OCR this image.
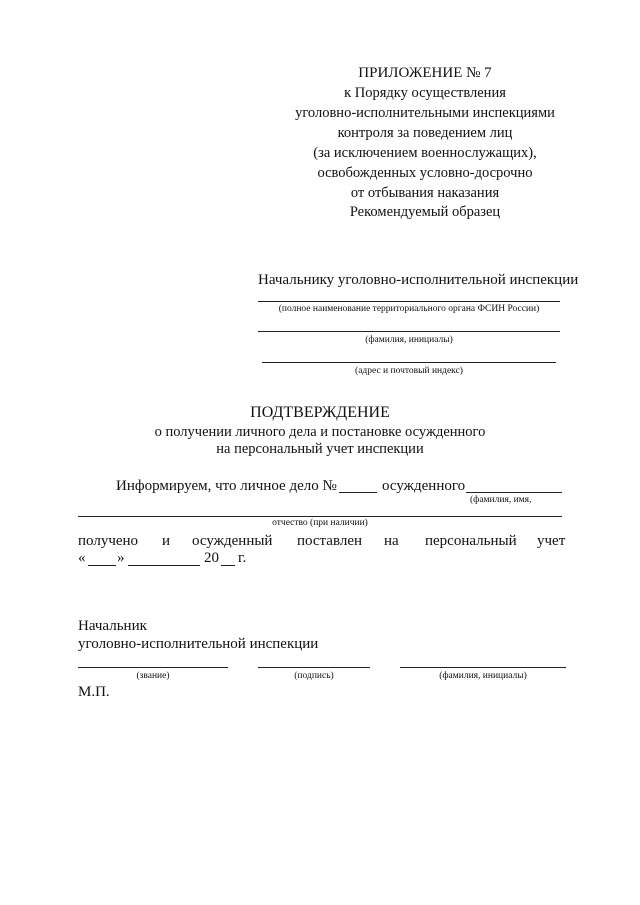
ПРИЛОЖЕНИЕ № 7
к Порядку осуществления
уголовно-исполнительными инспекциями
контроля за поведением лиц
(за исключением военнослужащих),
освобожденных условно-досрочно
от отбывания наказания
Рекомендуемый образец
Начальнику уголовно-исполнительной инспекции
(полное наименование территориального органа ФСИН России)
(фамилия, инициалы)
(адрес и почтовый индекс)
ПОДТВЕРЖДЕНИЕ
о получении личного дела и постановке осужденного
на персональный учет инспекции
Информируем, что личное дело №	осужденного
(фамилия, имя,
отчество (при наличии)
получено и осужденный поставлен на персональный учет
« »	20 г.
Начальник
уголовно-исполнительной инспекции
(звание)	(подпись)	(фамилия, инициалы)
М.П.
